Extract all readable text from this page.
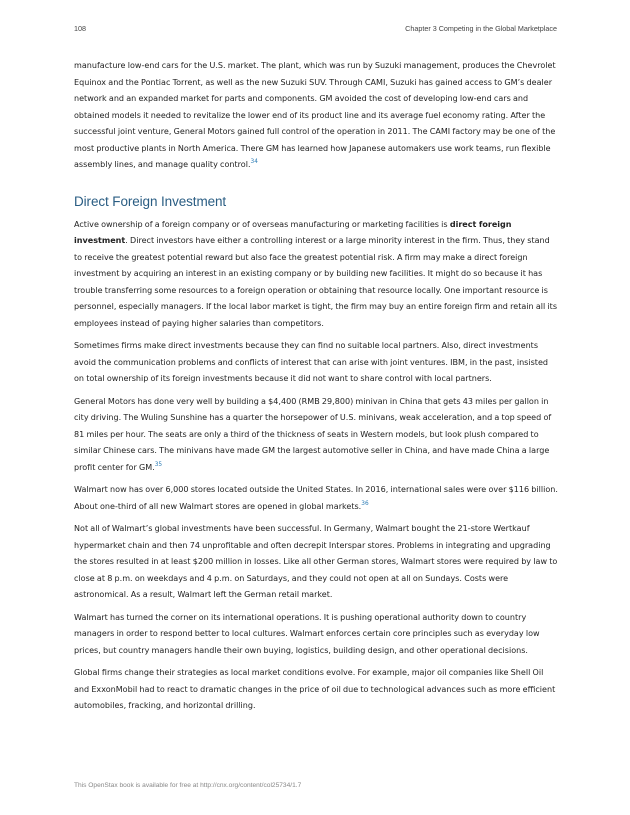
108	Chapter 3 Competing in the Global Marketplace

manufacture low-end cars for the U.S. market. The plant, which was run by Suzuki management, produces the Chevrolet Equinox and the Pontiac Torrent, as well as the new Suzuki SUV. Through CAMI, Suzuki has gained access to GM’s dealer network and an expanded market for parts and components. GM avoided the cost of developing low-end cars and obtained models it needed to revitalize the lower end of its product line and its average fuel economy rating. After the successful joint venture, General Motors gained full control of the operation in 2011. The CAMI factory may be one of the most productive plants in North America. There GM has learned how Japanese automakers use work teams, run flexible assembly lines, and manage quality control.$^{34}$

Direct Foreign Investment

Active ownership of a foreign company or of overseas manufacturing or marketing facilities is direct foreign investment. Direct investors have either a controlling interest or a large minority interest in the firm. Thus, they stand to receive the greatest potential reward but also face the greatest potential risk. A firm may make a direct foreign investment by acquiring an interest in an existing company or by building new facilities. It might do so because it has trouble transferring some resources to a foreign operation or obtaining that resource locally. One important resource is personnel, especially managers. If the local labor market is tight, the firm may buy an entire foreign firm and retain all its employees instead of paying higher salaries than competitors.

Sometimes firms make direct investments because they can find no suitable local partners. Also, direct investments avoid the communication problems and conflicts of interest that can arise with joint ventures. IBM, in the past, insisted on total ownership of its foreign investments because it did not want to share control with local partners.

General Motors has done very well by building a $4,400 (RMB 29,800) minivan in China that gets 43 miles per gallon in city driving. The Wuling Sunshine has a quarter the horsepower of U.S. minivans, weak acceleration, and a top speed of 81 miles per hour. The seats are only a third of the thickness of seats in Western models, but look plush compared to similar Chinese cars. The minivans have made GM the largest automotive seller in China, and have made China a large profit center for GM.$^{35}$

Walmart now has over 6,000 stores located outside the United States. In 2016, international sales were over $116 billion. About one-third of all new Walmart stores are opened in global markets.$^{36}$

Not all of Walmart’s global investments have been successful. In Germany, Walmart bought the 21-store Wertkauf hypermarket chain and then 74 unprofitable and often decrepit Interspar stores. Problems in integrating and upgrading the stores resulted in at least $200 million in losses. Like all other German stores, Walmart stores were required by law to close at 8 p.m. on weekdays and 4 p.m. on Saturdays, and they could not open at all on Sundays. Costs were astronomical. As a result, Walmart left the German retail market.

Walmart has turned the corner on its international operations. It is pushing operational authority down to country managers in order to respond better to local cultures. Walmart enforces certain core principles such as everyday low prices, but country managers handle their own buying, logistics, building design, and other operational decisions.

Global firms change their strategies as local market conditions evolve. For example, major oil companies like Shell Oil and ExxonMobil had to react to dramatic changes in the price of oil due to technological advances such as more efficient automobiles, fracking, and horizontal drilling.

This OpenStax book is available for free at http://cnx.org/content/col25734/1.7
